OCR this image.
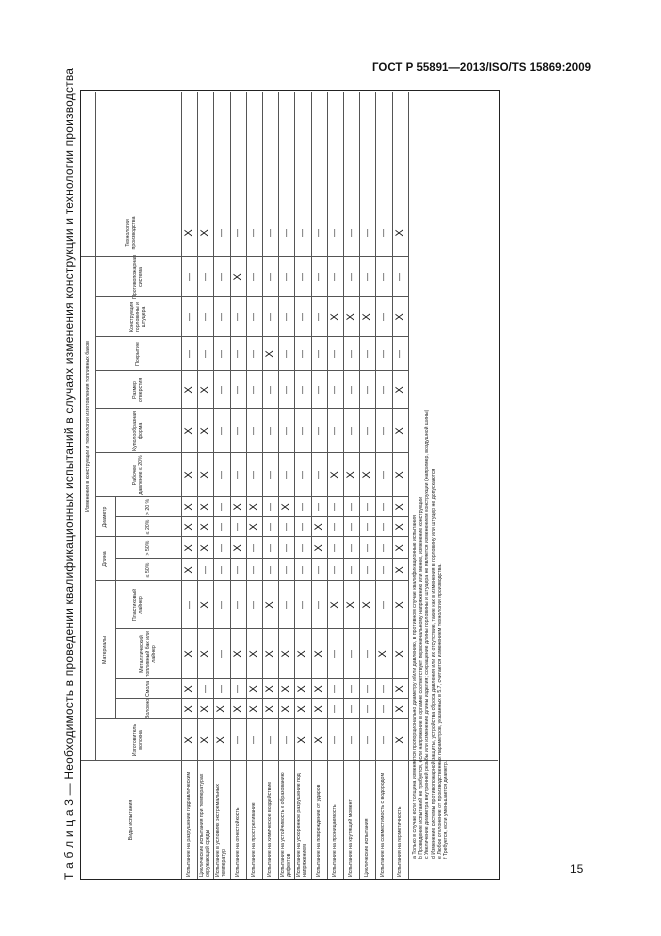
ГОСТ Р 55891—2013/ISO/TS 15869:2009
Т а б л и ц а 3 — Необходимость в проведении квалификационных испытаний в случаях изменения конструкции и технологии производства	Изменения в конструкции и технологии изготовления топливных баков
Виды испытания
Изготовитель волокна
Материалы
Волокно
Смола
Металлический топливный бак или лайнер
Пластиковый лайнер
Длина
≤ 50%
> 50%
Диаметр	≤ 20%
> 20 %
Рабочее давление ≤ 20%
Куполообразная форма
Размер отверстия
Покрытие
Конструкция горловины и штуцера
Противопожарная система
Технологии производства
Испытание на разрушение гидравлическим
X
X
X
X
—
X
X
X
X
X
X
X
—
—
—
X
Циклические испытания при температурах окружающей среды
X
X
—
X
X
—
X
X
X
X
X
X
—
—
—
X
Испытание в условиях экстремальных температур
X
X
—
—
—
—
—
—
—
—
—
—
—
—
—
—
Испытание на огнестойкость
—
X
—
X
—
—
X
—
X
—
—
—
—
—
X
—
Испытание на простреливание
—
X
X
X
—
—
—
X
X
—
—
—
—
—
—
—
Испытание на химическое воздействие
—
X
X
X
X
—
—
—
—
—
—
—
X
—
—
—
Испытание на устойчивость к образованию дефектов
—
X
X
X
—
—
—
—
X
—
—
—
—
—
—
—
Испытание на ускоренное разрушение под напряжением
X
X
X
X
—
—
—
—
—
—
—
—
—
—
—
—
Испытание на повреждение от ударов
X
X
X
X
—
—
X
X
—
—
—
—
—
—
—
—
Испытание на проницаемость
—
—
—
—
X
—
—
—
—
X
—
—
—
X
—
—
Испытание на крутящий момент
—
—
—
—
X
—
—
—
—
X
—
—
—
X
—
—
Циклические испытания
—
—
—
—
X
—
—
—
—
X
—
—
—
X
—
—
Испытание на совместимость с водородом
—
—
—
X
—
—
—
—
—
—
—
—
—
—
—
—
Испытания на герметичность
X
X
X
X
X
X
X
X
X
X
X
X
—
X
—
X
a Только в случае если толщина изменяется пропорционально диаметру и/или давлению, в противном случае квалификационные испытания b Проведение испытаний не требуется, если напряжение в оргамне соответствует первоначальному напряжению или менее, изменение конструкции c Увеличение диаметра внутренней резьбы или изменение длины изделия; сокращение длины горловины и штуцера не является изменением конструкции (например, воздушной шины) d Изменение системы противопожарной защиты, устройства сброса давления или их отсутствие, такие как в изменения в горловину или штуцер не допускаются e Любое отклонение от производственных параметров, указанных в 5.7, считается изменением технологии производства. f Требуется, если уменьшается диаметр.
15
